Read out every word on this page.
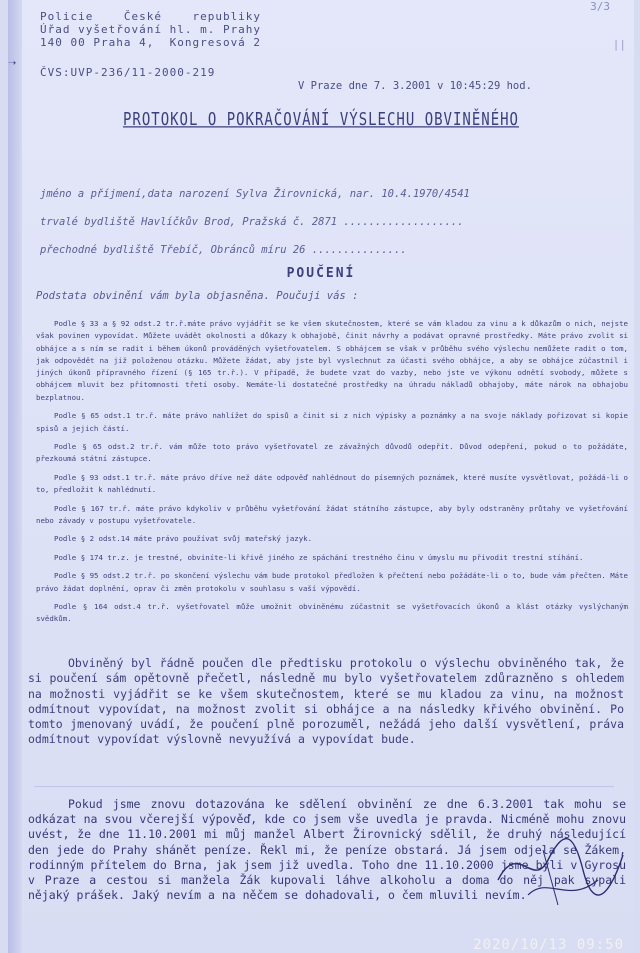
3/3
||
Policie    České    republiky
Úřad vyšetřování hl. m. Prahy
140 00 Praha 4,  Kongresová 2
➝
ČVS:UVP-236/11-2000-219
V Praze dne 7. 3.2001 v 10:45:29 hod.
PROTOKOL O POKRAČOVÁNÍ VÝSLECHU OBVINĚNÉHO
jméno a příjmení,data narození Sylva Žirovnická, nar. 10.4.1970/4541
trvalé bydliště Havlíčkův Brod, Pražská č. 2871 ...................
přechodné bydliště Třebíč, Obránců míru 26 ...............
POUČENÍ
Podstata obvinění vám byla objasněna. Poučuji vás :

Podle § 33 a § 92 odst.2 tr.ř.máte právo vyjádřit se ke všem skutečnostem, které se vám kladou za vinu a k důkazům o nich, nejste však povinen vypovídat. Můžete uvádět okolnosti a důkazy k obhajobě, činit návrhy a podávat opravné prostředky. Máte právo zvolit si obhájce a s ním se radit i během úkonů prováděných vyšetřovatelem. S obhájcem se však v průběhu svého výslechu nemůžete radit o tom, jak odpovědět na již položenou otázku. Můžete žádat, aby jste byl vyslechnut za účasti svého obhájce, a aby se obhájce zúčastnil i jiných úkonů přípravného řízení (§ 165 tr.ř.). V případě, že budete vzat do vazby, nebo jste ve výkonu odnětí svobody, můžete s obhájcem mluvit bez přítomnosti třetí osoby. Nemáte-li dostatečné prostředky na úhradu nákladů obhajoby, máte nárok na obhajobu bezplatnou.

Podle § 65 odst.1 tr.ř. máte právo nahlížet do spisů a činit si z nich výpisky a poznámky a na svoje náklady pořizovat si kopie spisů a jejich částí.

Podle § 65 odst.2 tr.ř. vám může toto právo vyšetřovatel ze závažných důvodů odepřít. Důvod odepření, pokud o to požádáte, přezkoumá státní zástupce.

Podle § 93 odst.1 tr.ř. máte právo dříve než dáte odpověď nahlédnout do písemných poznámek, které musíte vysvětlovat, požádá-li o to, předložit k nahlédnutí.

Podle § 167 tr.ř. máte právo kdykoliv v průběhu vyšetřování žádat státního zástupce, aby byly odstraněny průtahy ve vyšetřování nebo závady v postupu vyšetřovatele.

Podle § 2 odst.14 máte právo používat svůj mateřský jazyk.

Podle § 174 tr.z. je trestné, obviníte-li křivě jiného ze spáchání trestného činu v úmyslu mu přivodit trestní stíhání.

Podle § 95 odst.2 tr.ř. po skončení výslechu vám bude protokol předložen k přečtení nebo požádáte-li o to, bude vám přečten. Máte právo žádat doplnění, oprav či změn protokolu v souhlasu s vaší výpovědí.

Podle § 164 odst.4 tr.ř. vyšetřovatel může umožnit obviněnému zúčastnit se vyšetřovacích úkonů a klást otázky vyslýchaným svědkům.

Obviněný byl řádně poučen dle předtisku protokolu o výslechu obviněného tak, že si poučení sám opětovně přečetl, následně mu bylo vyšetřovatelem zdůrazněno s ohledem na možnosti vyjádřit se ke všem skutečnostem, které se mu kladou za vinu, na možnost odmítnout vypovídat, na možnost zvolit si obhájce a na následky křivého obvinění. Po tomto jmenovaný uvádí, že poučení plně porozuměl, nežádá jeho další vysvětlení, práva odmítnout vypovídat výslovně nevyužívá a vypovídat bude.

Pokud jsme znovu dotazována ke sdělení obvinění ze dne 6.3.2001 tak mohu se odkázat na svou včerejší výpověď, kde co jsem vše uvedla je pravda. Nicméně mohu znovu uvést, že dne 11.10.2001 mi můj manžel Albert Žirovnický sdělil, že druhý následující den jede do Prahy shánět peníze. Řekl mi, že peníze obstará. Já jsem odjela se Žákem, rodinným přítelem do Brna, jak jsem již uvedla. Toho dne 11.10.2000 jsme byli v Gyrosu v Praze a cestou si manžela Žák kupovali láhve alkoholu a doma do něj pak sypali nějaký prášek. Jaký nevím a na něčem se dohadovali, o čem mluvili nevím.

2020/10/13 09:50
